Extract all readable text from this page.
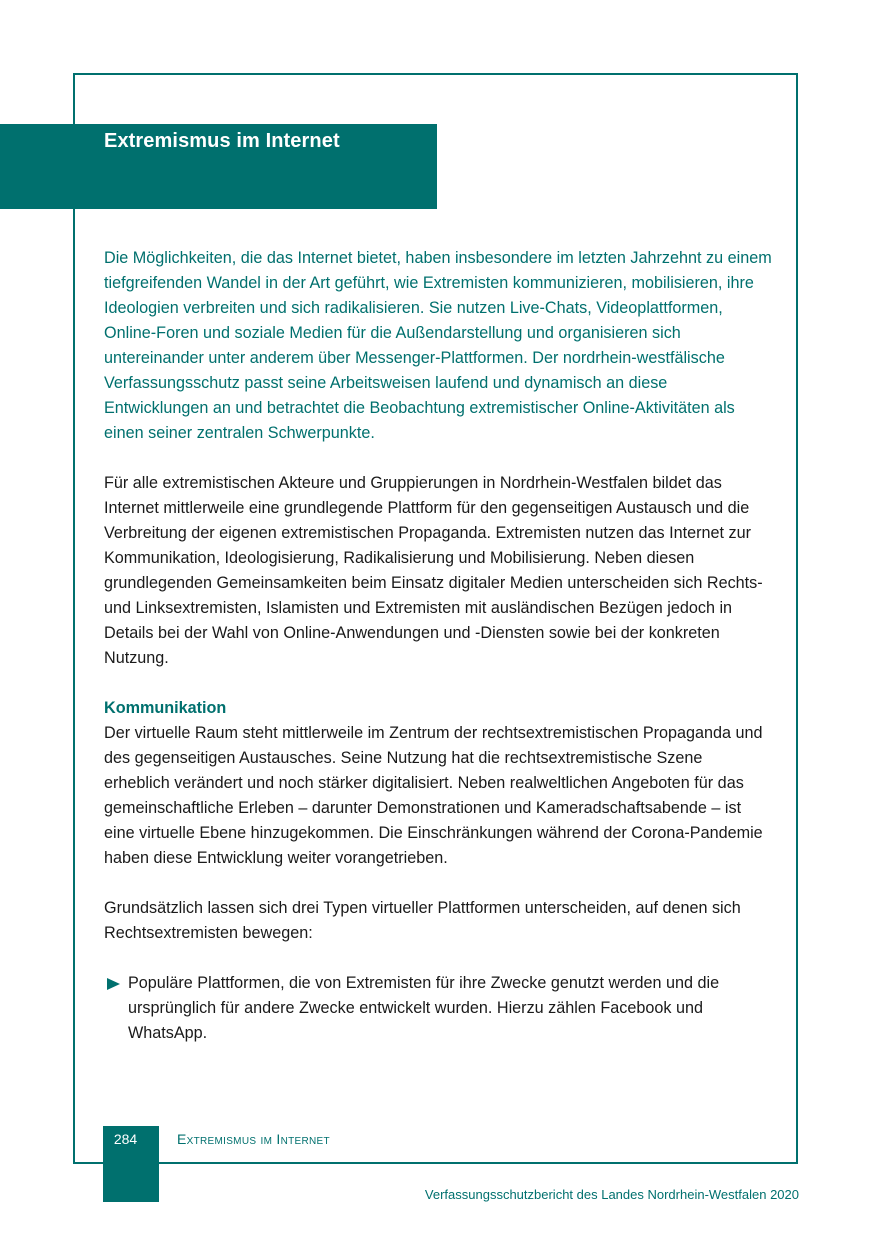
Extremismus im Internet

Die Möglichkeiten, die das Internet bietet, haben insbesondere im letzten Jahrzehnt zu einem tiefgreifenden Wandel in der Art geführt, wie Extremisten kommunizieren, mobilisieren, ihre Ideologien verbreiten und sich radikalisieren. Sie nutzen Live-Chats, Videoplattformen, Online-Foren und soziale Medien für die Außendarstellung und organisieren sich untereinander unter anderem über Messenger-Plattformen. Der nordrhein-westfälische Verfassungsschutz passt seine Arbeitsweisen laufend und dynamisch an diese Entwicklungen an und betrachtet die Beobachtung extremistischer Online-Aktivitäten als einen seiner zentralen Schwerpunkte.

Für alle extremistischen Akteure und Gruppierungen in Nordrhein-Westfalen bildet das Internet mittlerweile eine grundlegende Plattform für den gegenseitigen Austausch und die Verbreitung der eigenen extremistischen Propaganda. Extremisten nutzen das Internet zur Kommunikation, Ideologisierung, Radikalisierung und Mobilisierung. Neben diesen grundlegenden Gemeinsamkeiten beim Einsatz digitaler Medien unterscheiden sich Rechts- und Linksextremisten, Islamisten und Extremisten mit ausländischen Bezügen jedoch in Details bei der Wahl von Online-Anwendungen und -Diensten sowie bei der konkreten Nutzung.

Kommunikation

Der virtuelle Raum steht mittlerweile im Zentrum der rechtsextremistischen Propaganda und des gegenseitigen Austausches. Seine Nutzung hat die rechtsextremistische Szene erheblich verändert und noch stärker digitalisiert. Neben realweltlichen Angeboten für das gemeinschaftliche Erleben – darunter Demonstrationen und Kameradschaftsabende – ist eine virtuelle Ebene hinzugekommen. Die Einschränkungen während der Corona-Pandemie haben diese Entwicklung weiter vorangetrieben.

Grundsätzlich lassen sich drei Typen virtueller Plattformen unterscheiden, auf denen sich Rechtsextremisten bewegen:

Populäre Plattformen, die von Extremisten für ihre Zwecke genutzt werden und die ursprünglich für andere Zwecke entwickelt wurden. Hierzu zählen Facebook und WhatsApp.
284	Extremismus im Internet
Verfassungsschutzbericht des Landes Nordrhein-Westfalen 2020
